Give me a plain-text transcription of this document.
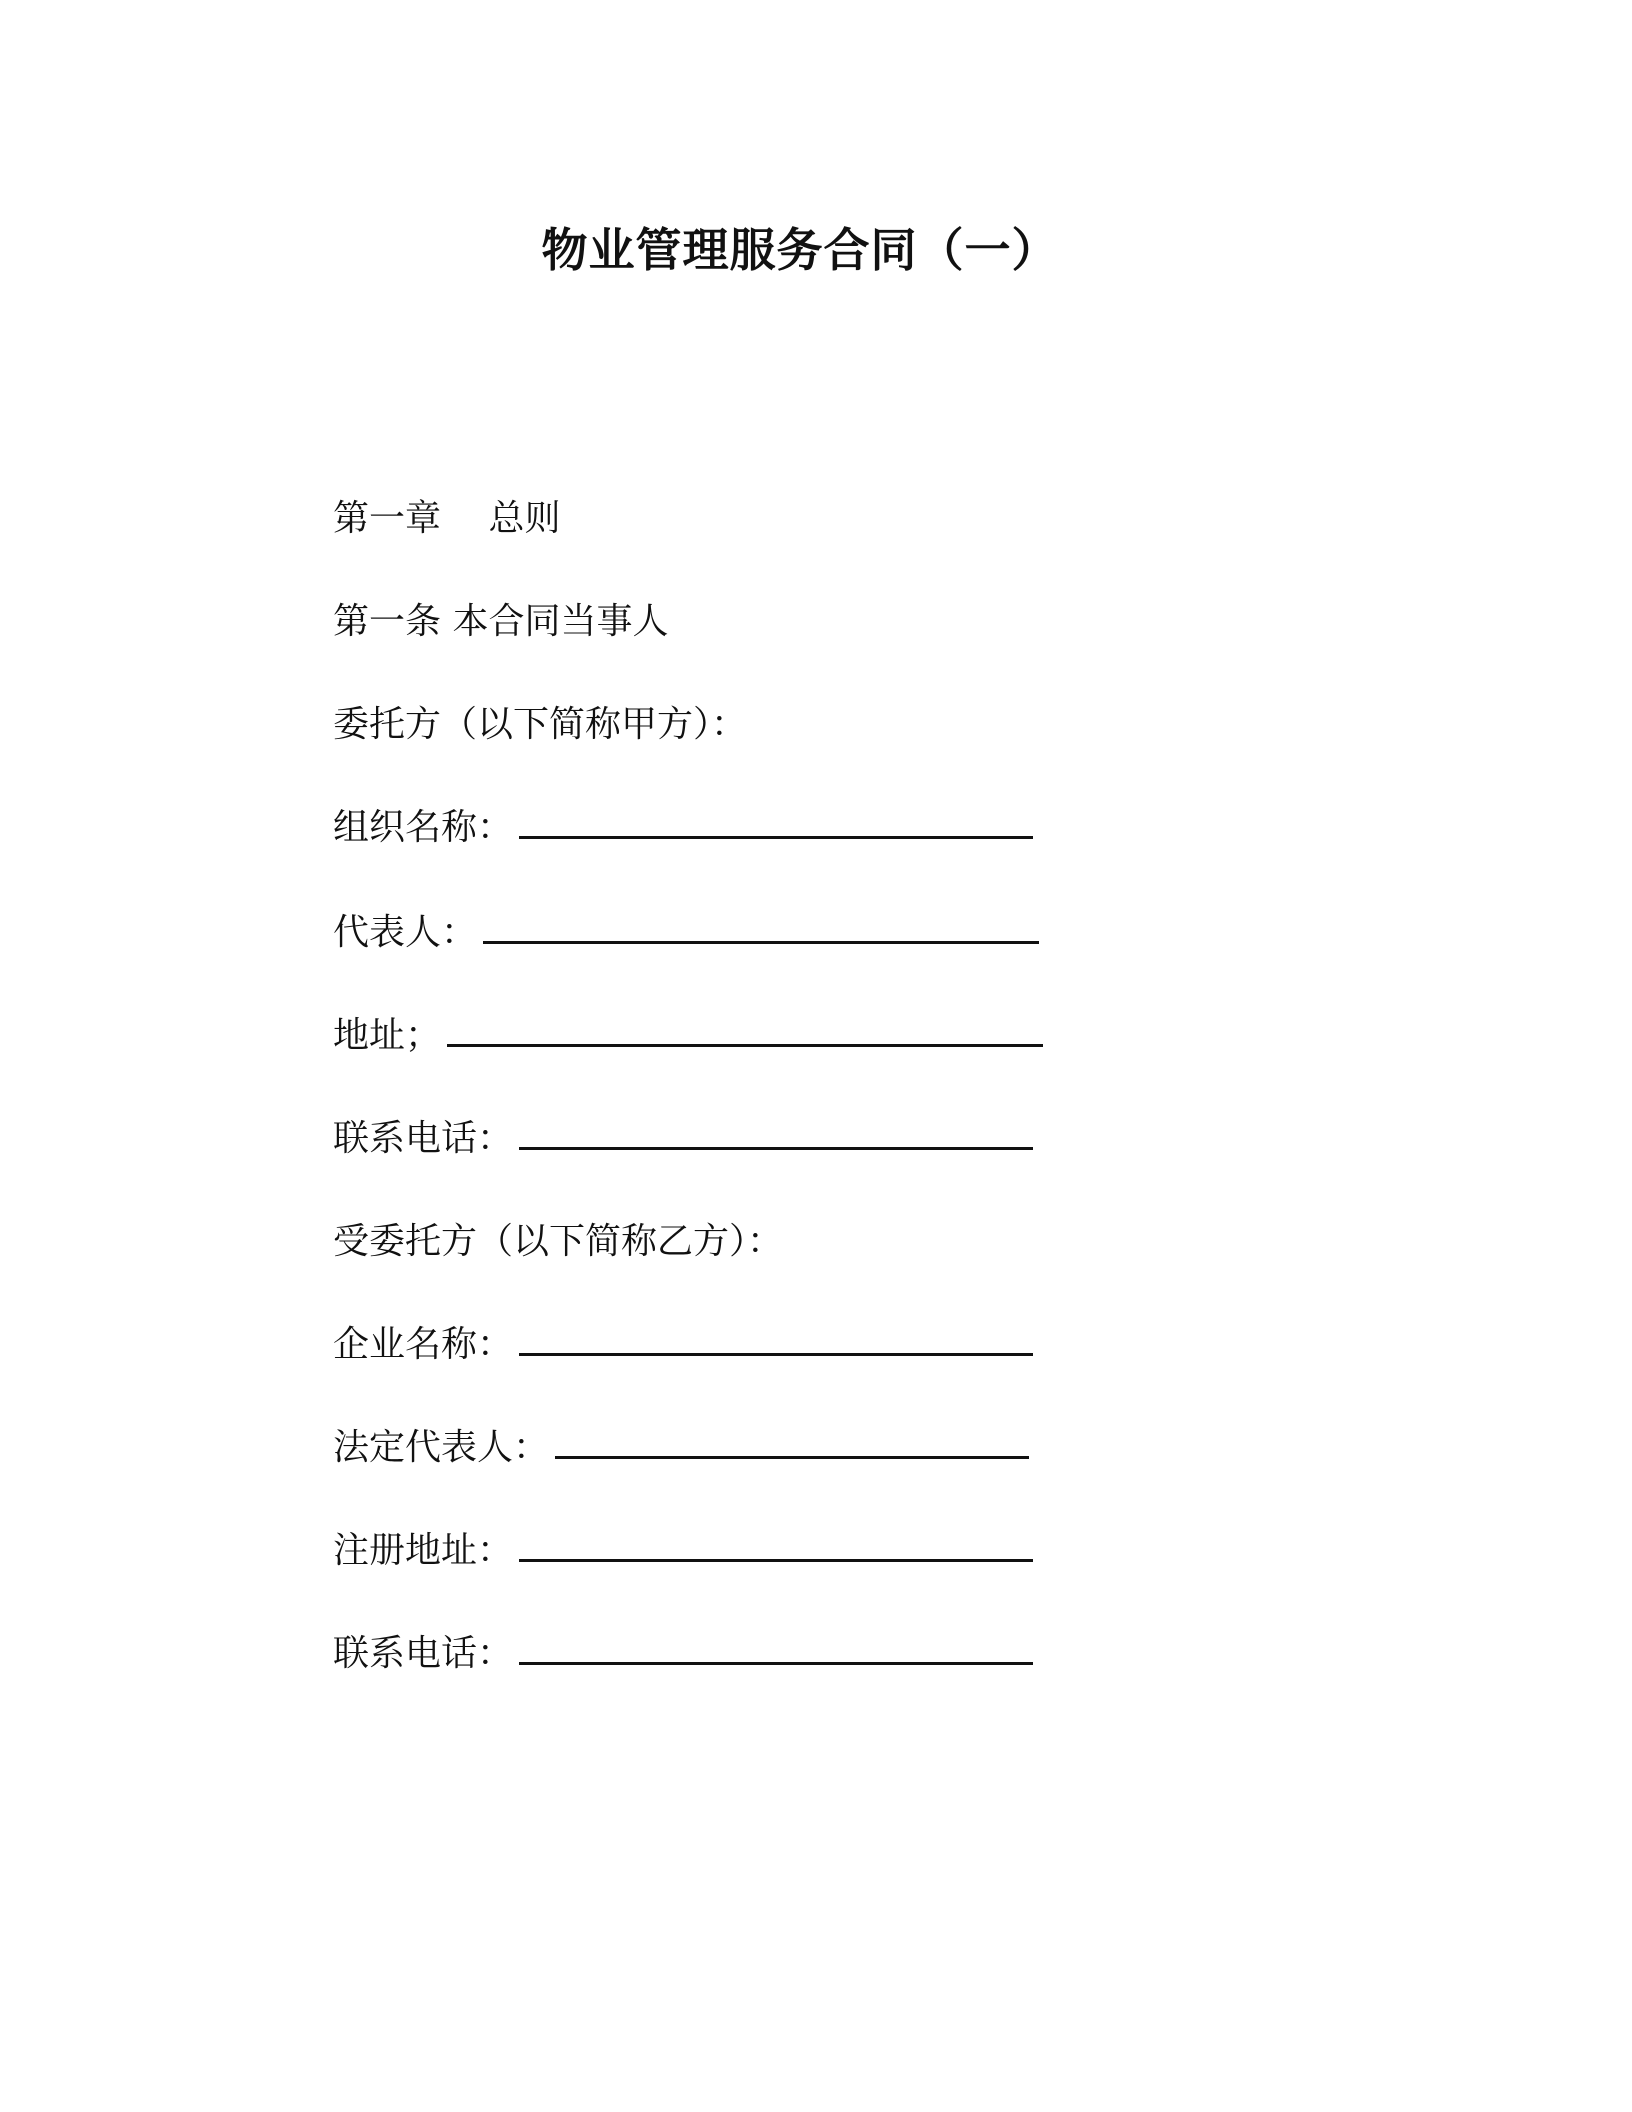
物业管理服务合同（一）
第一章　 总则
第一条 本合同当事人
委托方（以下简称甲方）：
组织名称：
代表人：
地址；
联系电话：
受委托方（以下简称乙方）：
企业名称：
法定代表人：
注册地址：
联系电话：
